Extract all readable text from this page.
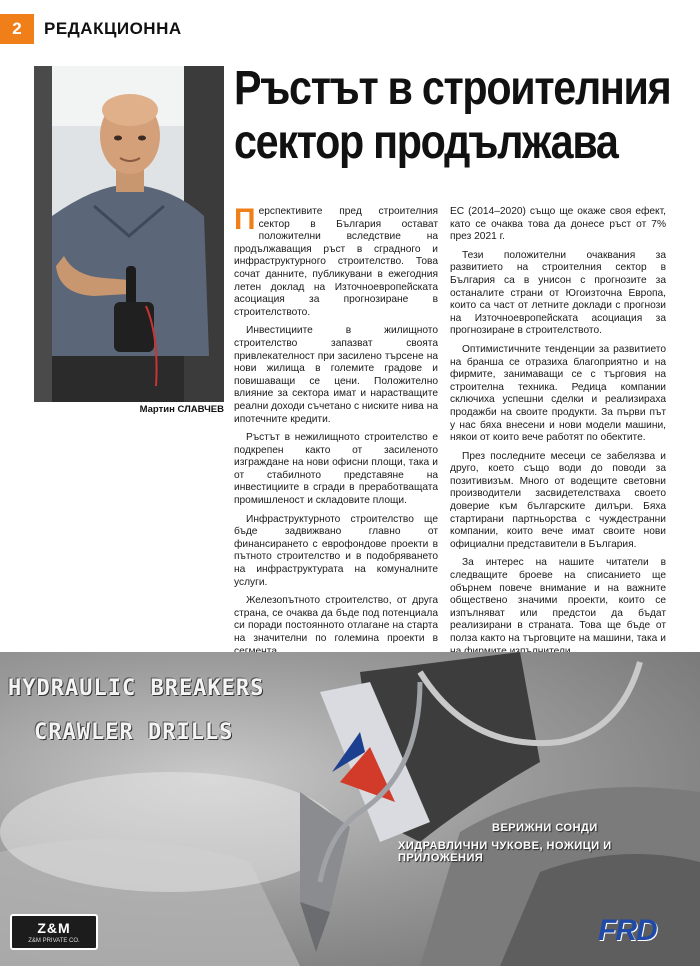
2	РЕДАКЦИОННА
Мартин СЛАВЧЕВ
Ръстът в строителния
сектор продължава

Перспективите пред строителния сектор в България остават положителни вследствие на продължаващия ръст в сградного и инфраструктурного строителство. Това сочат данните, публикувани в ежегодния летен доклад на Източноевропейската асоциация за прогнозиране в строителството.

Инвестициите в жилищното строителство запазват своята привлекателност при засилено търсене на нови жилища в големите градове и повишаващи се цени. Положително влияние за сектора имат и нарастващите реални доходи съчетано с ниските нива на ипотечните кредити.

Ръстът в нежилищното строителство е подкрепен както от засиленото изграждане на нови офисни площи, така и от стабилното представяне на инвестициите в сгради в преработващата промишленост и складовите площи.

Инфраструктурното строителство ще бъде задвижвано главно от финансирането с еврофондове проекти в пътното строителство и в подобряването на инфраструктурата на комуналните услуги.

Железопътното строителство, от друга страна, се очаква да бъде под потенциала си поради постоянното отлагане на старта на значителни по големина проекти в

ЕС (2014–2020) също ще окаже своя ефект, като се очаква това да донесе ръст от 7% през 2021 г.

Тези положителни очаквания за развитието на строителния сектор в България са в унисон с прогнозите за останалите страни от Югоизточна Европа, които са част от летните доклади с прогнози на Източноевропейската асоциация за прогнозиране в строителството.

Оптимистичните тенденции за развитието на бранша се отразиха благоприятно и на фирмите, занимаващи се с търговия на строителна техника. Редица компании сключиха успешни сделки и реализираха продажби на своите продукти. За първи път у нас бяха внесени и нови модели машини, някои от които вече работят по обектите.

През последните месеци се забелязва и друго, което също води до поводи за позитивизъм. Много от водещите световни производители засвидетелстваха своето доверие към българските дилъри. Бяха стартирани партньорства с чуждестранни компании, които вече имат своите нови официални представители в България.

За интерес на нашите читатели в следващите броеве на списанието ще обърнем повече внимание и на важните обществено значими проекти, които се изпълняват или предстои да бъдат реализирани в страната. Това ще бъде от полза както на търговците на машини, така и

HYDRAULIC BREAKERS
CRAWLER DRILLS
ВЕРИЖНИ СОНДИ
ХИДРАВЛИЧНИ ЧУКОВЕ, НОЖИЦИ И ПРИЛОЖЕНИЯ
Z&M
Z&M PRIVATE CO.	FRD
